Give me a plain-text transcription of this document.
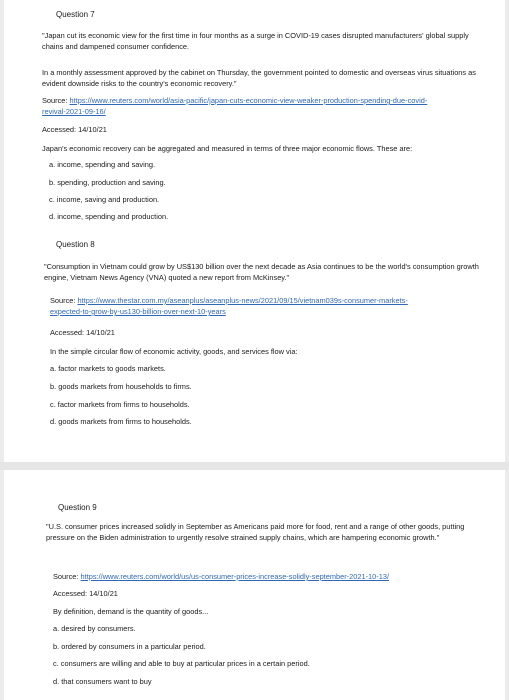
Question 7
"Japan cut its economic view for the first time in four months as a surge in COVID-19 cases disrupted manufacturers' global supply chains and dampened consumer confidence.
In a monthly assessment approved by the cabinet on Thursday, the government pointed to domestic and overseas virus situations as evident downside risks to the country's economic recovery."
Source: https://www.reuters.com/world/asia-pacific/japan-cuts-economic-view-weaker-production-spending-due-covid-
revival-2021-09-16/
Accessed: 14/10/21
Japan's economic recovery can be aggregated and measured in terms of three major economic flows. These are:
a. income, spending and saving.
b. spending, production and saving.
c. income, saving and production.
d. income, spending and production.
Question 8
"Consumption in Vietnam could grow by US$130 billion over the next decade as Asia continues to be the world's consumption growth engine, Vietnam News Agency (VNA) quoted a new report from McKinsey."
Source: https://www.thestar.com.my/aseanplus/aseanplus-news/2021/09/15/vietnam039s-consumer-markets-
expected-to-grow-by-us130-billion-over-next-10-years
Accessed: 14/10/21
In the simple circular flow of economic activity, goods, and services flow via:
a. factor markets to goods markets.
b. goods markets from households to firms.
c. factor markets from firms to households.
d. goods markets from firms to households.
Question 9
"U.S. consumer prices increased solidly in September as Americans paid more for food, rent and a range of other goods, putting pressure on the Biden administration to urgently resolve strained supply chains, which are hampering economic growth."
Source: https://www.reuters.com/world/us/us-consumer-prices-increase-solidly-september-2021-10-13/
Accessed: 14/10/21
By definition, demand is the quantity of goods...
a. desired by consumers.
b. ordered by consumers in a particular period.
c. consumers are willing and able to buy at particular prices in a certain period.
d. that consumers want to buy
